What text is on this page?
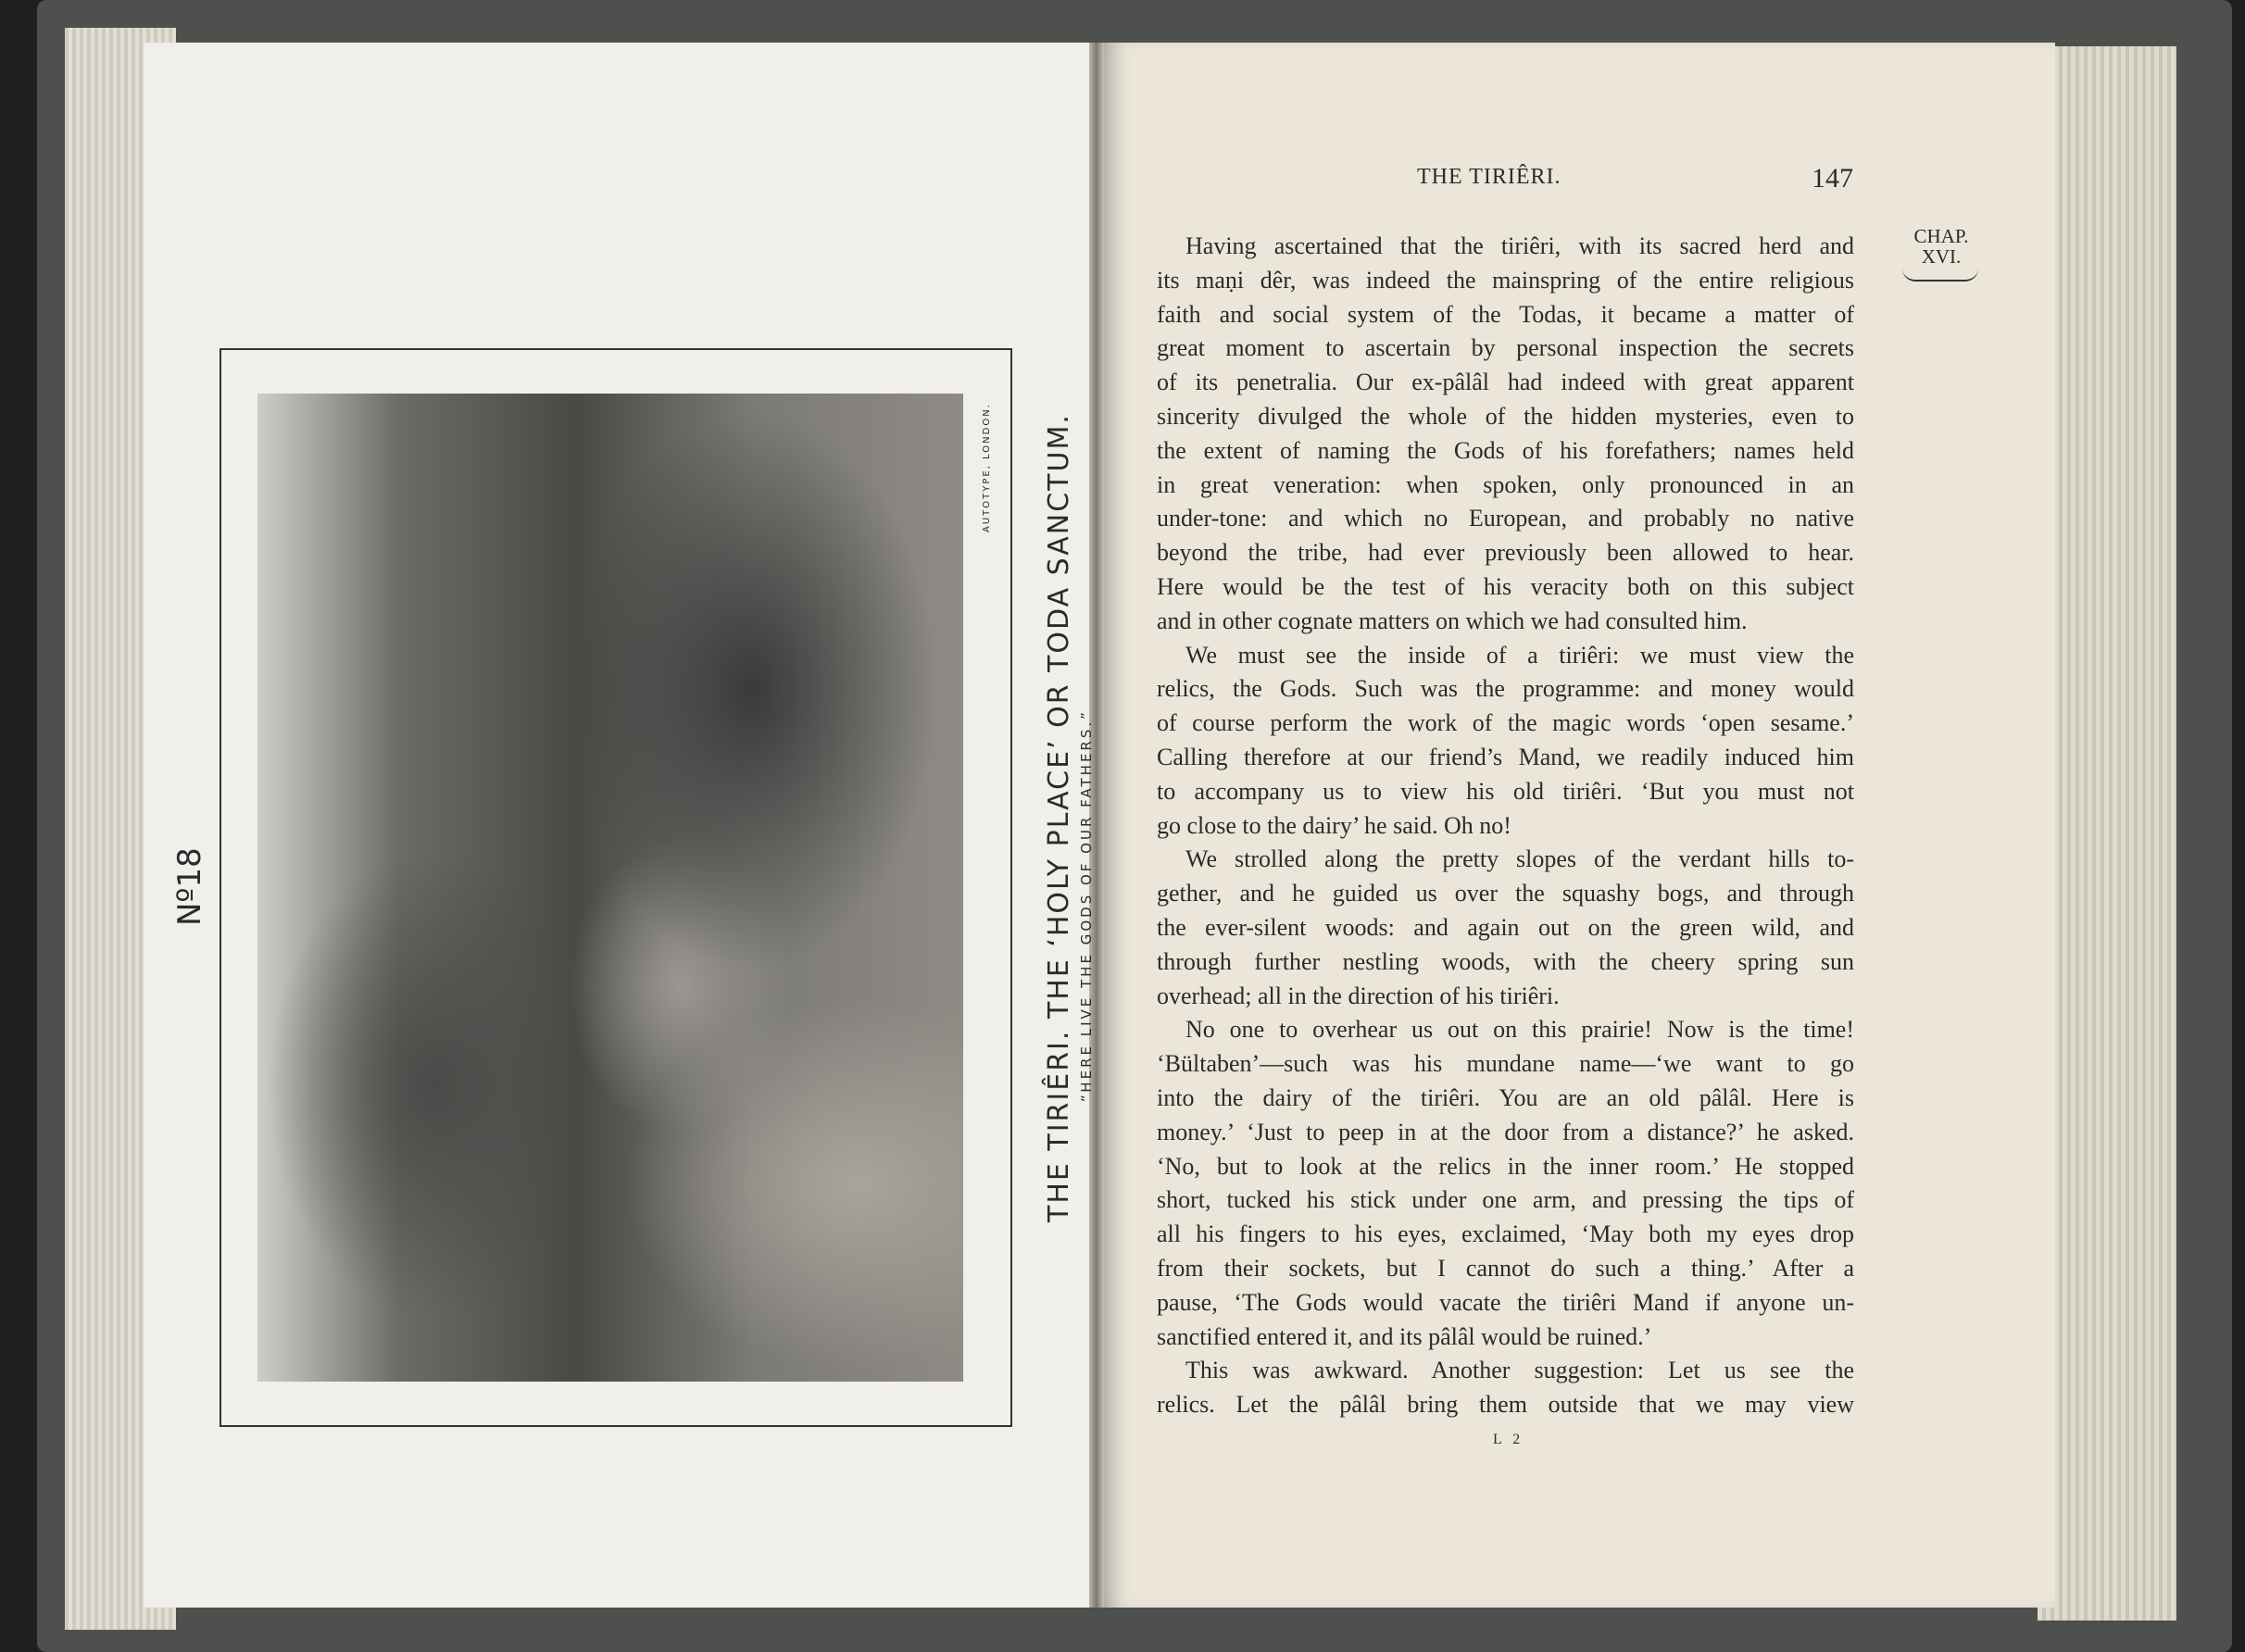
Nº18
AUTOTYPE, LONDON. THE TIRIÊRI. THE ‘HOLY PLACE’ OR TODA SANCTUM. “HERE LIVE THE GODS OF OUR FATHERS.”
THE TIRIÊRI.	147
CHAP.
XVI.
Having ascertained that the tiriêri, with its sacred herd and
its maṇi dêr, was indeed the mainspring of the entire religious
faith and social system of the Todas, it became a matter of
great moment to ascertain by personal inspection the secrets
of its penetralia. Our ex-pâlâl had indeed with great apparent
sincerity divulged the whole of the hidden mysteries, even to
the extent of naming the Gods of his forefathers; names held
in great veneration: when spoken, only pronounced in an
under-tone: and which no European, and probably no native
beyond the tribe, had ever previously been allowed to hear.
Here would be the test of his veracity both on this subject
and in other cognate matters on which we had consulted him.
We must see the inside of a tiriêri: we must view the
relics, the Gods. Such was the programme: and money would
of course perform the work of the magic words ‘open sesame.’
Calling therefore at our friend’s Mand, we readily induced him
to accompany us to view his old tiriêri. ‘But you must not
go close to the dairy’ he said. Oh no!
We strolled along the pretty slopes of the verdant hills to-
gether, and he guided us over the squashy bogs, and through
the ever-silent woods: and again out on the green wild, and
through further nestling woods, with the cheery spring sun
overhead; all in the direction of his tiriêri.
No one to overhear us out on this prairie! Now is the time!
‘Bültaben’—such was his mundane name—‘we want to go
into the dairy of the tiriêri. You are an old pâlâl. Here is
money.’ ‘Just to peep in at the door from a distance?’ he asked.
‘No, but to look at the relics in the inner room.’ He stopped
short, tucked his stick under one arm, and pressing the tips of
all his fingers to his eyes, exclaimed, ‘May both my eyes drop
from their sockets, but I cannot do such a thing.’ After a
pause, ‘The Gods would vacate the tiriêri Mand if anyone un-
sanctified entered it, and its pâlâl would be ruined.’
This was awkward. Another suggestion: Let us see the
relics. Let the pâlâl bring them outside that we may view
L 2
